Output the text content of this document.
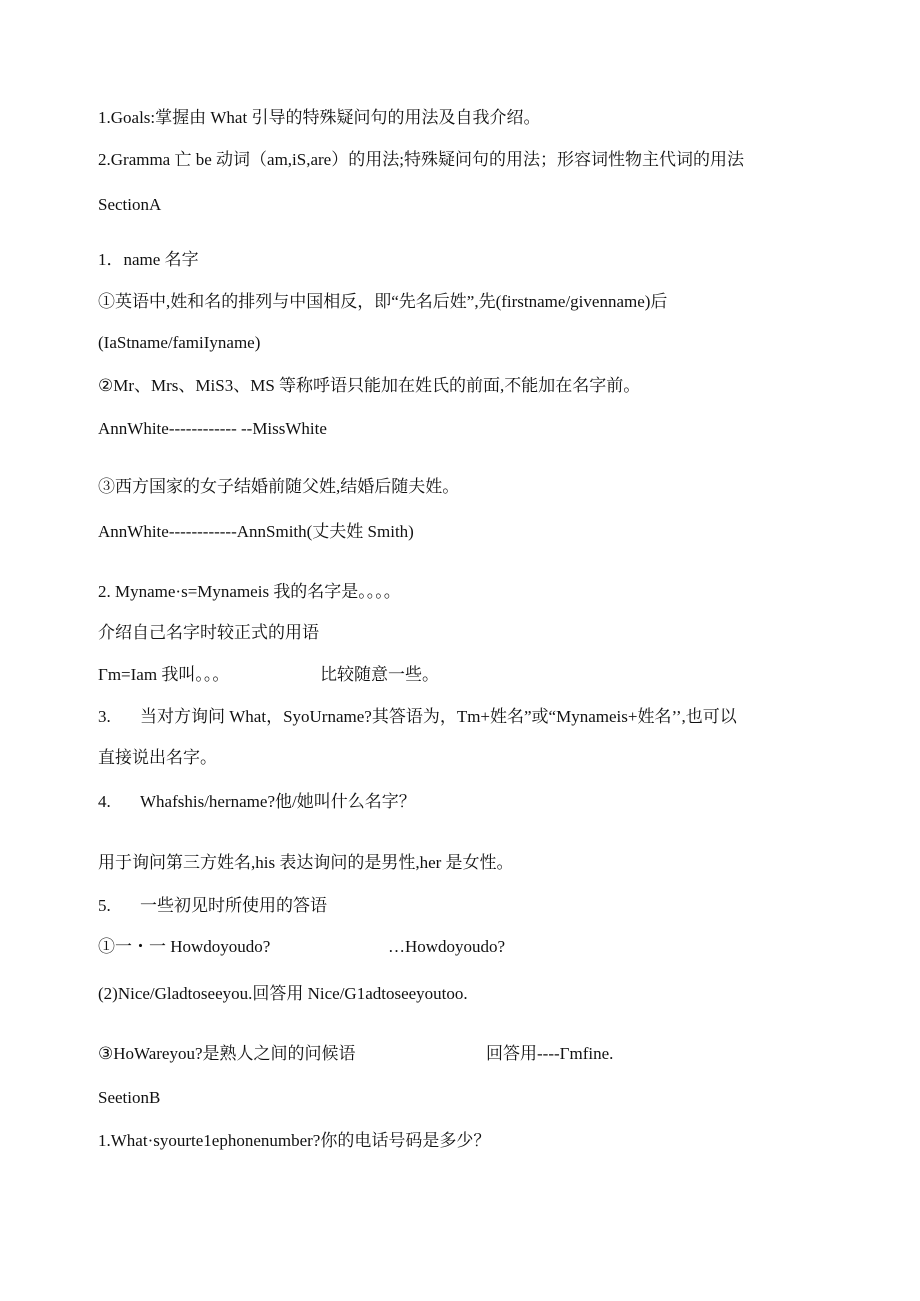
1.Goals:掌握由 What 引导的特殊疑问句的用法及自我介绍。
2.Gramma 亡 be 动词（am,iS,are）的用法;特殊疑问句的用法；形容词性物主代词的用法
SectionA
1．name 名字
①英语中,姓和名的排列与中国相反，即“先名后姓”,先(firstname/givenname)后
(IaStname/famiIyname)
②Mr、Mrs、MiS3、MS 等称呼语只能加在姓氏的前面,不能加在名字前。
AnnWhite------------ --MissWhite
③西方国家的女子结婚前随父姓,结婚后随夫姓。
AnnWhite------------AnnSmith(丈夫姓 Smith)
2. Myname·s=Mynameis 我的名字是。。。。
介绍自己名字时较正式的用语
Γm=Iam 我叫。。。	比较随意一些。
3. 当对方询问 What，SyoUrname?其答语为，Tm+姓名”或“Mynameis+姓名’’,也可以
直接说出名字。
4. Whafshis/hername?他/她叫什么名字？
用于询问第三方姓名,his 表达询问的是男性,her 是女性。
5. 一些初见时所使用的答语
①一・一 Howdoyoudo?	…Howdoyoudo?
(2)Nice/Gladtoseeyou.回答用 Nice/G1adtoseeyoutoo.
③HoWareyou?是熟人之间的问候语	回答用----Γmfine.
SeetionB
1.What·syourte1ephonenumber?你的电话号码是多少？
